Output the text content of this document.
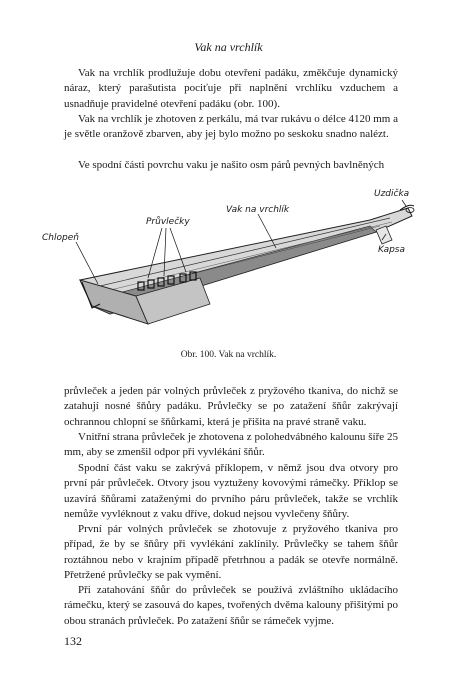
Vak na vrchlík

Vak na vrchlík prodlužuje dobu otevření padáku, změkčuje dynamický náraz, který parašutista pociťuje při naplnění vrchlíku vzduchem a usnadňuje pravidelné otevření padáku (obr. 100).

Vak na vrchlík je zhotoven z perkálu, má tvar rukávu o délce 4120 mm a je světle oranžově zbarven, aby jej bylo možno po seskoku snadno nalézt.

Ve spodní části povrchu vaku je našito osm párů pevných bavlněných

Uzdička
Vak na vrchlík
Průvlečky
Chlopeň
Kapsa
Obr. 100. Vak na vrchlík.

průvleček a jeden pár volných průvleček z pryžového tkaniva, do nichž se zatahují nosné šňůry padáku. Průvlečky se po zatažení šňůr zakrývají ochrannou chlopní se šňůrkami, která je přišita na pravé straně vaku.

Vnitřní strana průvleček je zhotovena z polohedvábného kalounu šíře 25 mm, aby se zmenšil odpor při vyvlékání šňůr.

Spodní část vaku se zakrývá příklopem, v němž jsou dva otvory pro první pár průvleček. Otvory jsou vyztuženy kovovými rámečky. Příklop se uzavírá šňůrami zataženými do prvního páru průvleček, takže se vrchlík nemůže vyvléknout z vaku dříve, dokud nejsou vyvlečeny šňůry.

První pár volných průvleček se zhotovuje z pryžového tkaniva pro případ, že by se šňůry při vyvlékání zaklínily. Průvlečky se tahem šňůr roztáhnou nebo v krajním případě přetrhnou a padák se otevře normálně. Přetržené průvlečky se pak vymění.

Při zatahování šňůr do průvleček se používá zvláštního ukládacího rámečku, který se zasouvá do kapes, tvořených dvěma kalouny přišitými po obou stranách průvleček. Po zatažení šňůr se rámeček vyjme.

132
